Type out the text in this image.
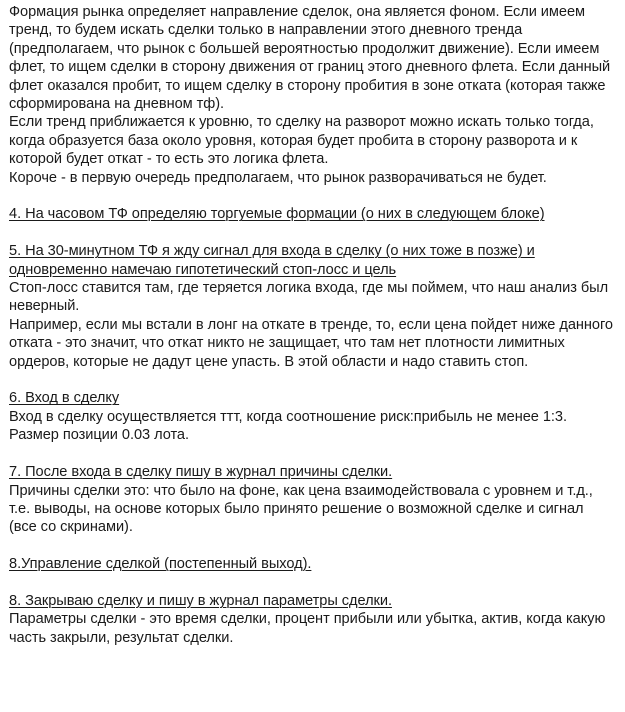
Формация рынка определяет направление сделок, она является фоном. Если имеем тренд, то будем искать сделки только в направлении этого дневного тренда (предполагаем, что рынок с большей вероятностью продолжит движение). Если имеем флет, то ищем сделки в сторону движения от границ этого дневного флета. Если данный флет оказался пробит, то ищем сделку в сторону пробития в зоне отката (которая также сформирована на дневном тф).

Если тренд приближается к уровню, то сделку на разворот можно искать только тогда, когда образуется база около уровня, которая будет пробита в сторону разворота и к которой будет откат - то есть это логика флета.

Короче - в первую очередь предполагаем, что рынок разворачиваться не будет.

4. На часовом ТФ определяю торгуемые формации (о них в следующем блоке)

5. На 30-минутном ТФ я жду сигнал для входа в сделку (о них тоже в позже) и одновременно намечаю гипотетический стоп-лосс и цель

Стоп-лосс ставится там, где теряется логика входа, где мы поймем, что наш анализ был неверный.

Например, если мы встали в лонг на откате в тренде, то, если цена пойдет ниже данного отката - это значит, что откат никто не защищает, что там нет плотности лимитных ордеров, которые не дадут цене упасть. В этой области и надо ставить стоп.

6. Вход в сделку

Вход в сделку осуществляется ттт, когда соотношение риск:прибыль не менее 1:3. Размер позиции 0.03 лота.

7. После входа в сделку пишу в журнал причины сделки.

Причины сделки это: что было на фоне, как цена взаимодействовала с уровнем и т.д., т.е. выводы, на основе которых было принято решение о возможной сделке и сигнал (все со скринами).

8.Управление сделкой (постепенный выход).

8. Закрываю сделку и пишу в журнал параметры сделки.

Параметры сделки - это время сделки, процент прибыли или убытка, актив, когда какую часть закрыли, результат сделки.
